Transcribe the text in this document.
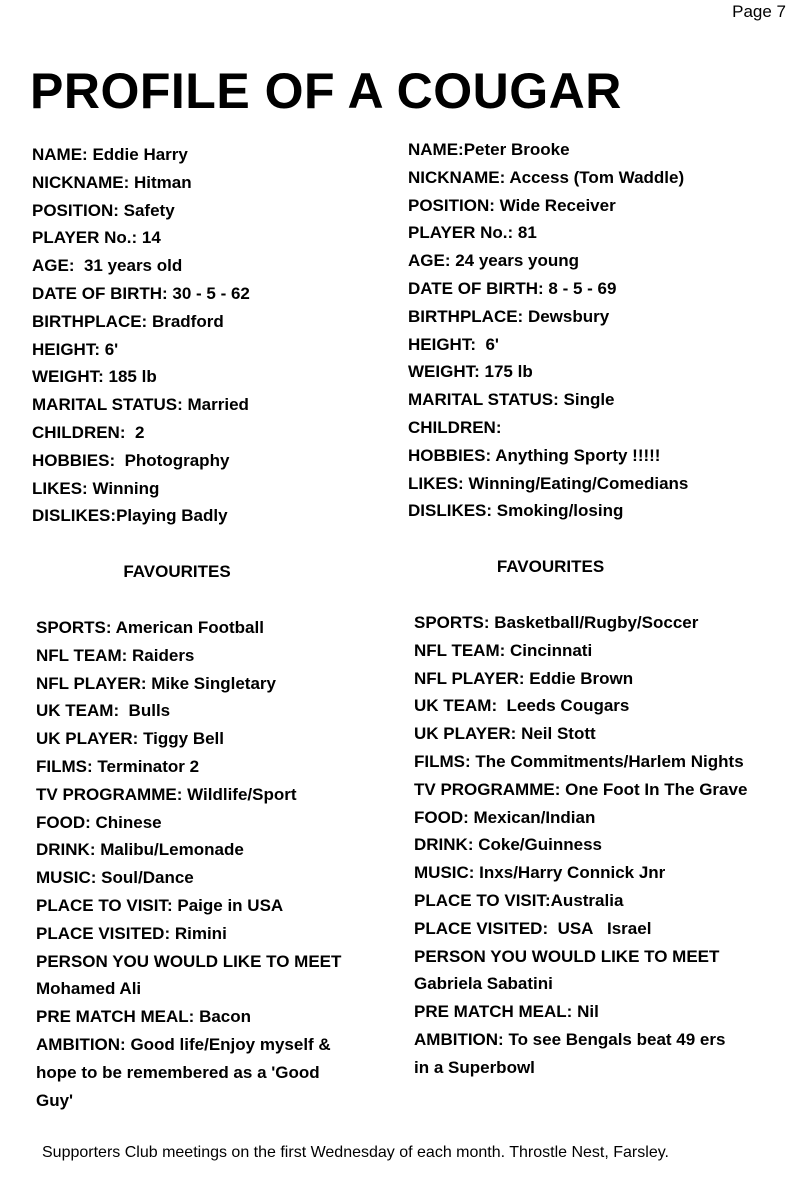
Page 7
PROFILE OF A COUGAR
NAME: Eddie Harry
NICKNAME: Hitman
POSITION: Safety
PLAYER No.: 14
AGE:  31 years old
DATE OF BIRTH: 30 - 5 - 62
BIRTHPLACE: Bradford
HEIGHT: 6'
WEIGHT: 185 lb
MARITAL STATUS: Married
CHILDREN:  2
HOBBIES:  Photography
LIKES: Winning
DISLIKES:Playing Badly
FAVOURITES
SPORTS: American Football
NFL TEAM: Raiders
NFL PLAYER: Mike Singletary
UK TEAM:  Bulls
UK PLAYER: Tiggy Bell
FILMS: Terminator 2
TV PROGRAMME: Wildlife/Sport
FOOD: Chinese
DRINK: Malibu/Lemonade
MUSIC: Soul/Dance
PLACE TO VISIT: Paige in USA
PLACE VISITED: Rimini
PERSON YOU WOULD LIKE TO MEET
Mohamed Ali
PRE MATCH MEAL: Bacon
AMBITION: Good life/Enjoy myself &
hope to be remembered as a 'Good
Guy'
NAME:Peter Brooke
NICKNAME: Access (Tom Waddle)
POSITION: Wide Receiver
PLAYER No.: 81
AGE: 24 years young
DATE OF BIRTH: 8 - 5 - 69
BIRTHPLACE: Dewsbury
HEIGHT:  6'
WEIGHT: 175 lb
MARITAL STATUS: Single
CHILDREN:
HOBBIES: Anything Sporty !!!!!
LIKES: Winning/Eating/Comedians
DISLIKES: Smoking/losing
FAVOURITES
SPORTS: Basketball/Rugby/Soccer
NFL TEAM: Cincinnati
NFL PLAYER: Eddie Brown
UK TEAM:  Leeds Cougars
UK PLAYER: Neil Stott
FILMS: The Commitments/Harlem Nights
TV PROGRAMME: One Foot In The Grave
FOOD: Mexican/Indian
DRINK: Coke/Guinness
MUSIC: Inxs/Harry Connick Jnr
PLACE TO VISIT:Australia
PLACE VISITED:  USA   Israel
PERSON YOU WOULD LIKE TO MEET
Gabriela Sabatini
PRE MATCH MEAL: Nil
AMBITION: To see Bengals beat 49 ers
in a Superbowl
Supporters Club meetings on the first Wednesday of each month. Throstle Nest, Farsley.
